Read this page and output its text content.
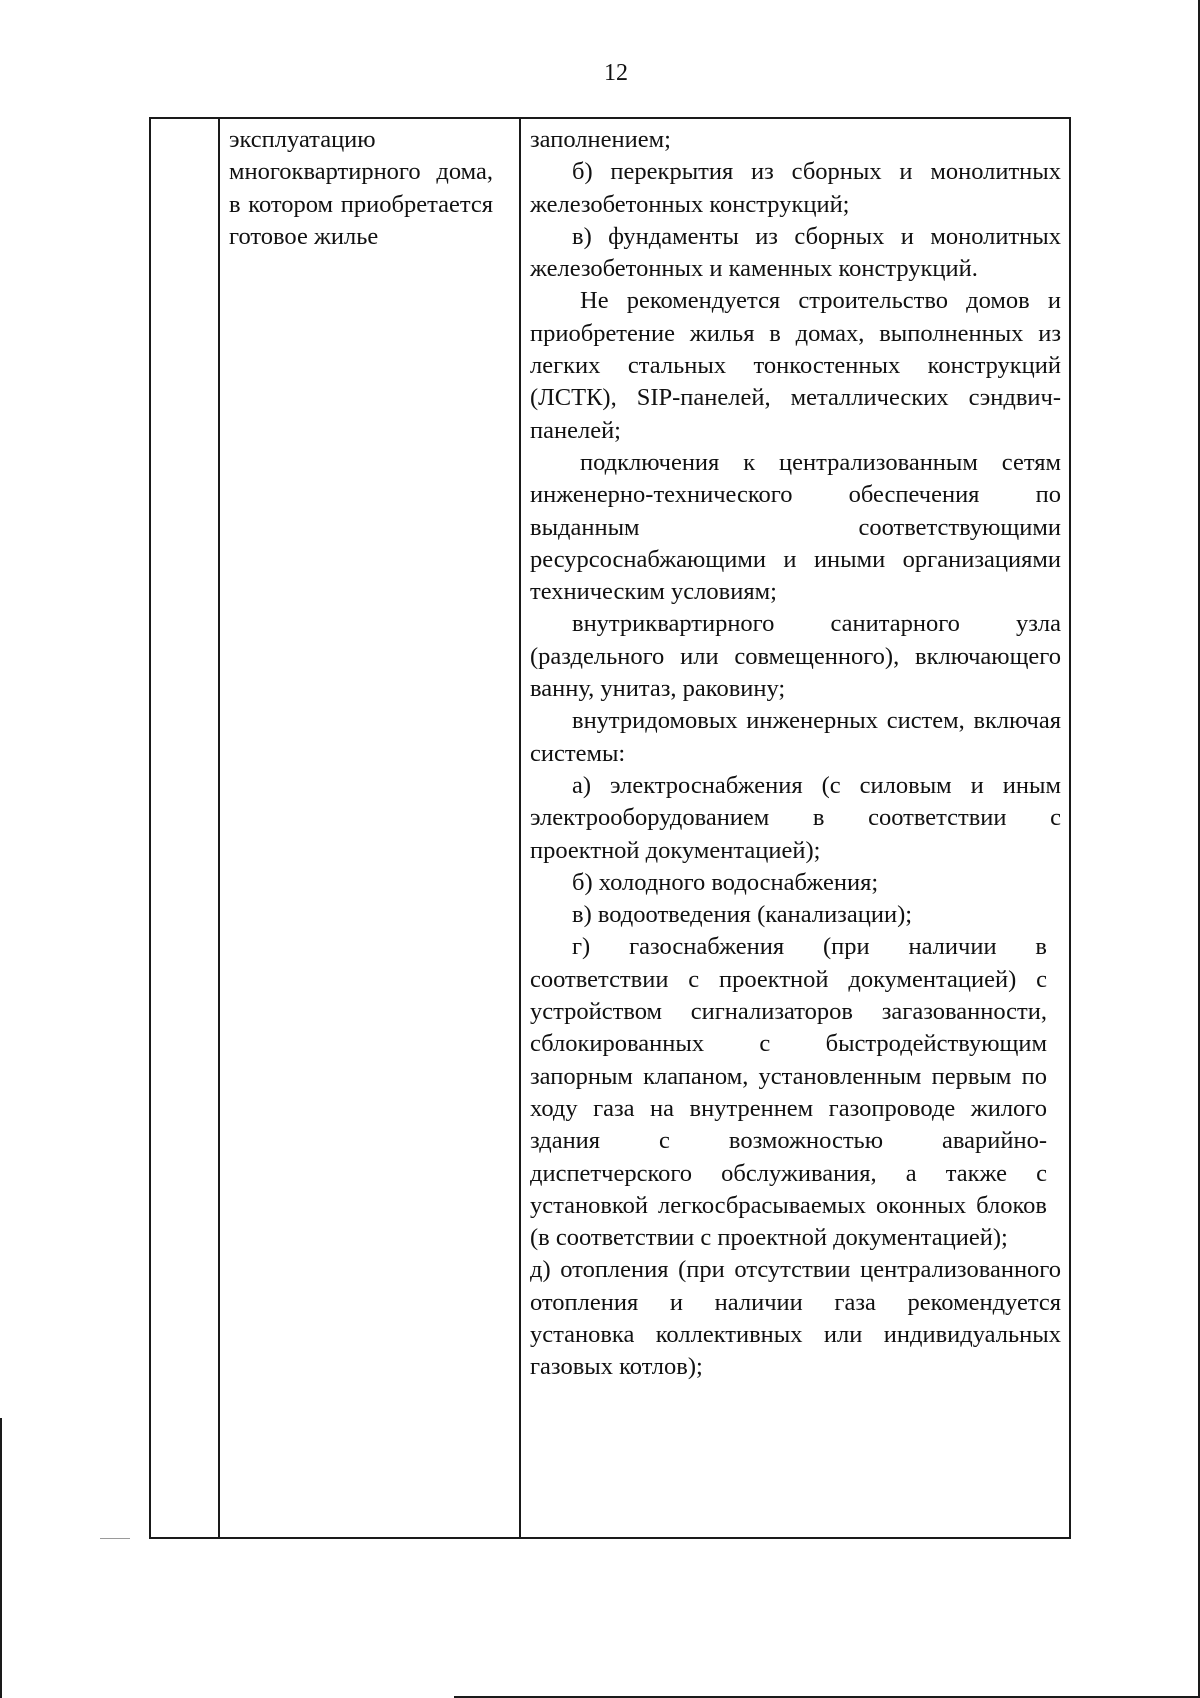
12
эксплуатацию многоквартирного дома, в котором приобретается готовое жилье

заполнением;

б) перекрытия из сборных и монолитных железобетонных конструкций;

в) фундаменты из сборных и монолитных железобетонных и каменных конструкций.

Не рекомендуется строительство домов и приобретение жилья в домах, выполненных из легких стальных тонкостенных конструкций (ЛСТК), SIP-панелей, металлических сэндвич-панелей;

подключения к централизованным сетям инженерно-технического обеспечения по выданным соответствующими ресурсоснабжающими и иными организациями техническим условиям;

внутриквартирного санитарного узла (раздельного или совмещенного), включающего ванну, унитаз, раковину;

внутридомовых инженерных систем, включая системы:

а) электроснабжения (с силовым и иным электрооборудованием в соответствии с проектной документацией);

б) холодного водоснабжения;

в) водоотведения (канализации);

г) газоснабжения (при наличии в соответствии с проектной документацией) с устройством сигнализаторов загазованности, сблокированных с быстродействующим запорным клапаном, установленным первым по ходу газа на внутреннем газопроводе жилого здания с возможностью аварийно-диспетчерского обслуживания, а также с установкой легкосбрасываемых оконных блоков (в соответствии с проектной документацией);

д) отопления (при отсутствии централизованного отопления и наличии газа рекомендуется установка коллективных или индивидуальных газовых котлов);
